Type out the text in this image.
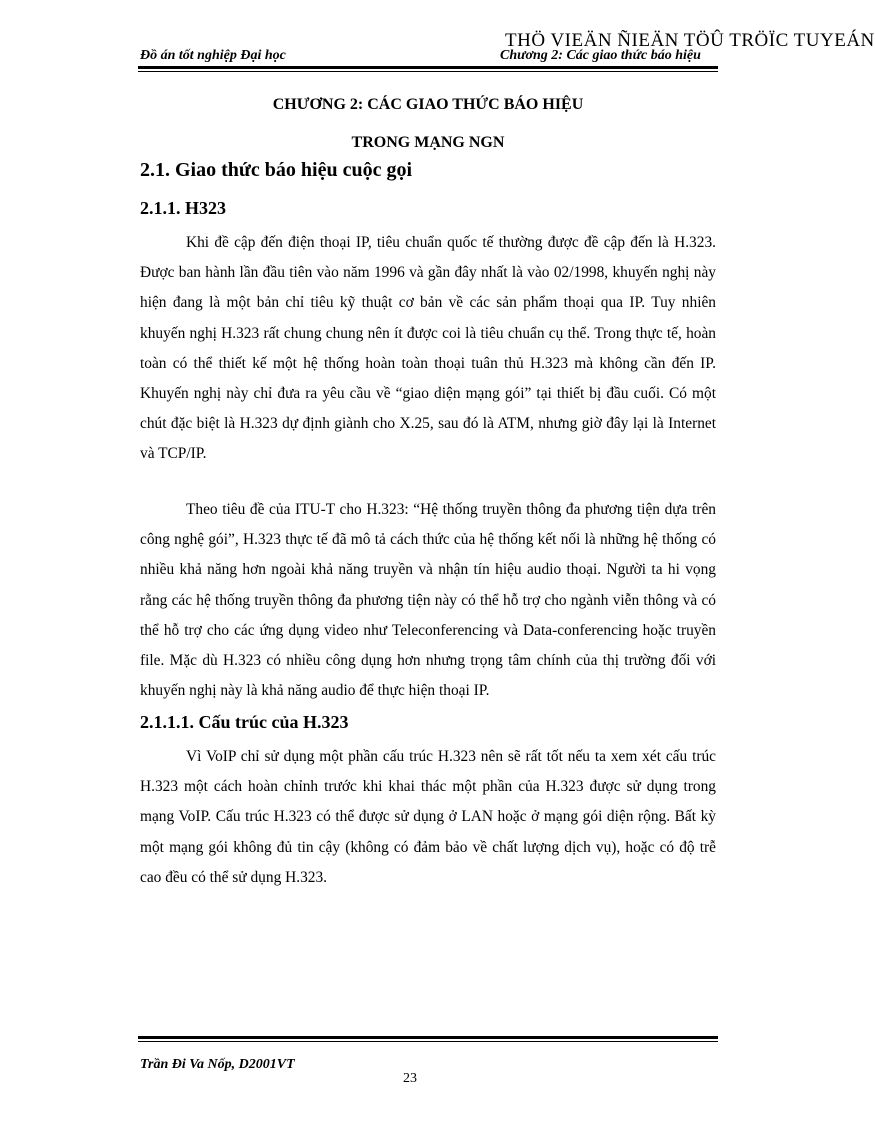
THÖ VIEÄN ÑIEÄN TÖÛ TRÖÏC TUYEÁN
Đồ án tốt nghiệp Đại học	Chương 2: Các giao thức báo hiệu
CHƯƠNG 2: CÁC GIAO THỨC BÁO HIỆU
TRONG MẠNG NGN
2.1. Giao thức báo hiệu cuộc gọi
2.1.1. H323

Khi đề cập đến điện thoại IP, tiêu chuẩn quốc tế thường được đề cập đến là H.323. Được ban hành lần đầu tiên vào năm 1996 và gần đây nhất là vào 02/1998, khuyến nghị này hiện đang là một bản chỉ tiêu kỹ thuật cơ bản về các sản phẩm thoại qua IP. Tuy nhiên khuyến nghị H.323 rất chung chung nên ít được coi là tiêu chuẩn cụ thể. Trong thực tế, hoàn toàn có thể thiết kế một hệ thống hoàn toàn thoại tuân thủ H.323 mà không cần đến IP. Khuyến nghị này chỉ đưa ra yêu cầu về “giao diện mạng gói” tại thiết bị đầu cuối. Có một chút đặc biệt là H.323 dự định giành cho X.25, sau đó là ATM, nhưng giờ đây lại là Internet và TCP/IP.

Theo tiêu đề của ITU-T cho H.323: “Hệ thống truyền thông đa phương tiện dựa trên công nghệ gói”, H.323 thực tế đã mô tả cách thức của hệ thống kết nối là những hệ thống có nhiều khả năng hơn ngoài khả năng truyền và nhận tín hiệu audio thoại. Người ta hi vọng rằng các hệ thống truyền thông đa phương tiện này có thể hỗ trợ cho ngành viễn thông và có thể hỗ trợ cho các ứng dụng video như Teleconferencing và Data-conferencing hoặc truyền file. Mặc dù H.323 có nhiều công dụng hơn nhưng trọng tâm chính của thị trường đối với khuyến nghị này là khả năng audio để thực hiện thoại IP.

2.1.1.1. Cấu trúc của H.323

Vì VoIP chỉ sử dụng một phần cấu trúc H.323 nên sẽ rất tốt nếu ta xem xét cấu trúc H.323 một cách hoàn chỉnh trước khi khai thác một phần của H.323 được sử dụng trong mạng VoIP. Cấu trúc H.323 có thể được sử dụng ở LAN hoặc ở mạng gói diện rộng. Bất kỳ một mạng gói không đủ tin cậy (không có đảm bảo về chất lượng dịch vụ), hoặc có độ trễ cao đều có thể sử dụng H.323.

Trần Đi Va Nốp, D2001VT
23
